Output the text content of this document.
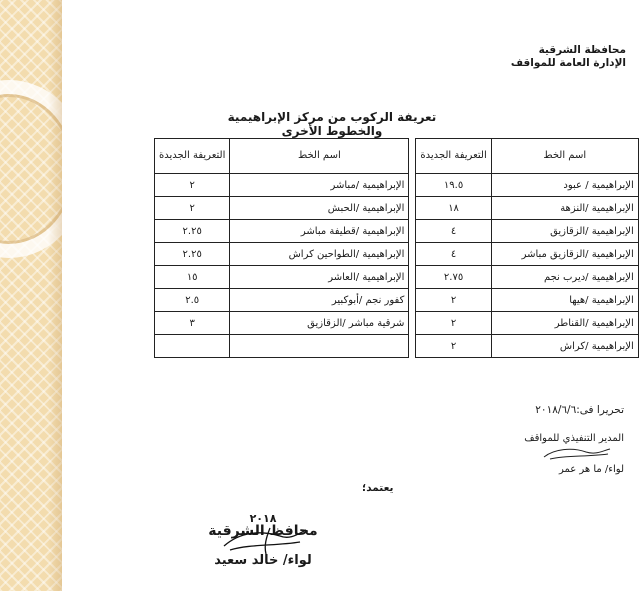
محافظة الشرقية
الإدارة العامة للمواقف
تعريفة الركوب من مركز الإبراهيمية والخطوط الأخرى
اسم الخط	التعريفة الجديدة		اسم الخط	التعريفة الجديدة
الإبراهيمية / عبود	١٩.٥		الإبراهيمية /مباشر	٢
الإبراهيمية /النزهة	١٨		الإبراهيمية /الحبش	٢
الإبراهيمية /الزقازيق	٤		الإبراهيمية /قطيفة مباشر	٢.٢٥
الإبراهيمية /الزقازيق مباشر	٤		الإبراهيمية /الطواحين كراش	٢.٢٥
الإبراهيمية /ديرب نجم	٢.٧٥		الإبراهيمية /العاشر	١٥
الإبراهيمية /هيها	٢		كفور نجم /أبوكبير	٢.٥
الإبراهيمية /القناطر	٢		شرقية مباشر /الزقازيق	٣
الإبراهيمية /كراش	٢			
تحريرا فى:٢٠١٨/٦/٦
المدير التنفيذي للمواقف
لواء/ ما هر عمر
يعتمد؛
٢٠١٨
محافظ الشرقية
لواء/ خالد سعيد
